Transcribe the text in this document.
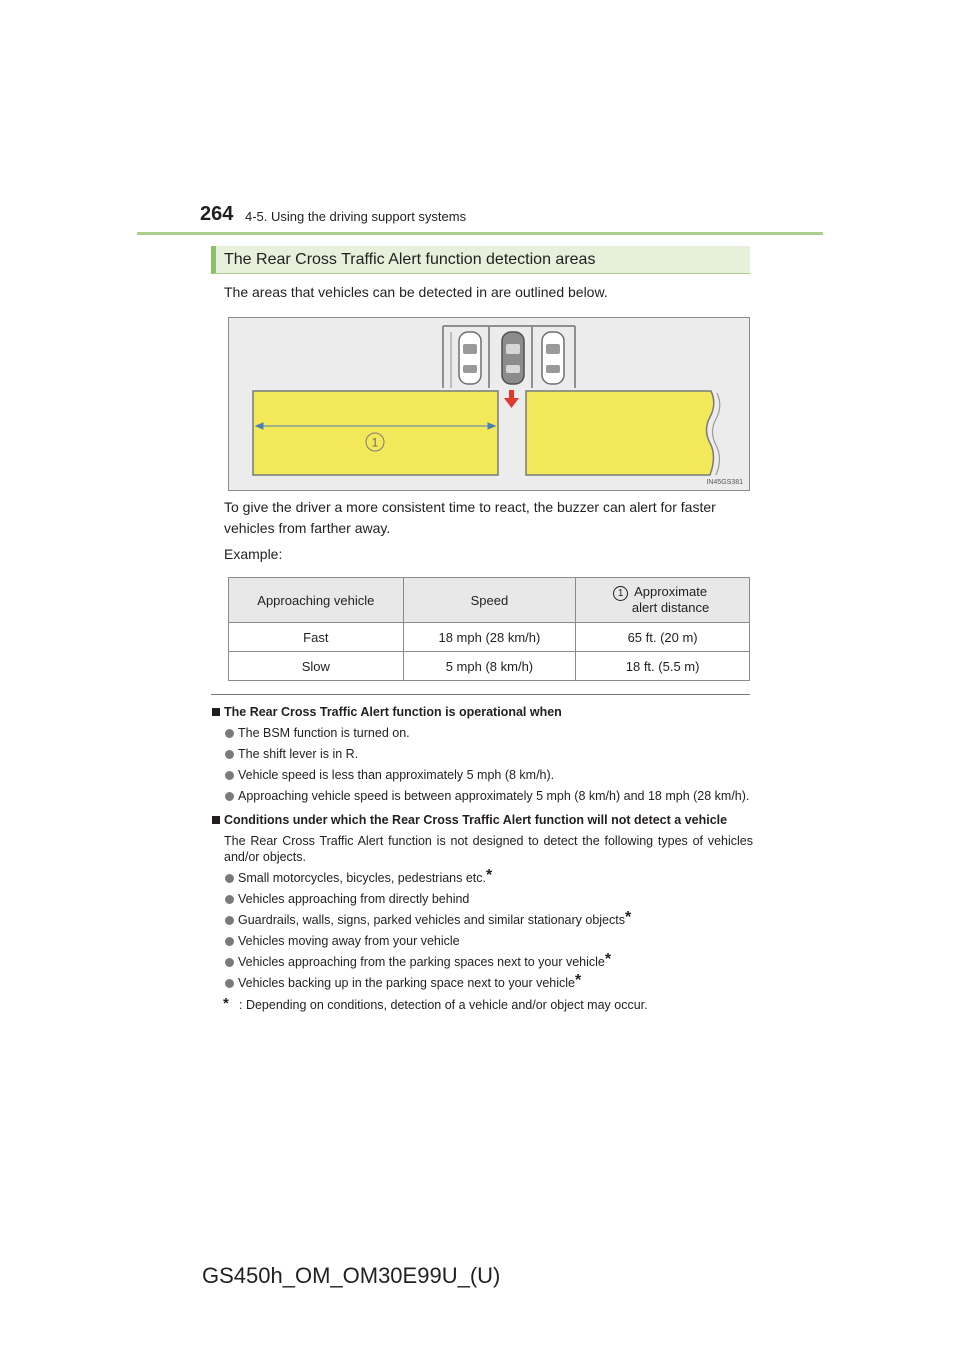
264 4-5. Using the driving support systems
The Rear Cross Traffic Alert function detection areas
The areas that vehicles can be detected in are outlined below.
1
IN45GS381
To give the driver a more consistent time to react, the buzzer can alert for faster vehicles from farther away.
Example:
Approaching vehicle	Speed	1 Approximate alert distance
Fast	18 mph (28 km/h)	65 ft. (20 m)
Slow	5 mph (8 km/h)	18 ft. (5.5 m)
The Rear Cross Traffic Alert function is operational when
The BSM function is turned on.
The shift lever is in R.
Vehicle speed is less than approximately 5 mph (8 km/h).
Approaching vehicle speed is between approximately 5 mph (8 km/h) and 18 mph (28 km/h).
Conditions under which the Rear Cross Traffic Alert function will not detect a vehicle
The Rear Cross Traffic Alert function is not designed to detect the following types of vehicles and/or objects.
Small motorcycles, bicycles, pedestrians etc.*
Vehicles approaching from directly behind
Guardrails, walls, signs, parked vehicles and similar stationary objects*
Vehicles moving away from your vehicle
Vehicles approaching from the parking spaces next to your vehicle*
Vehicles backing up in the parking space next to your vehicle*
* : Depending on conditions, detection of a vehicle and/or object may occur.
GS450h_OM_OM30E99U_(U)
